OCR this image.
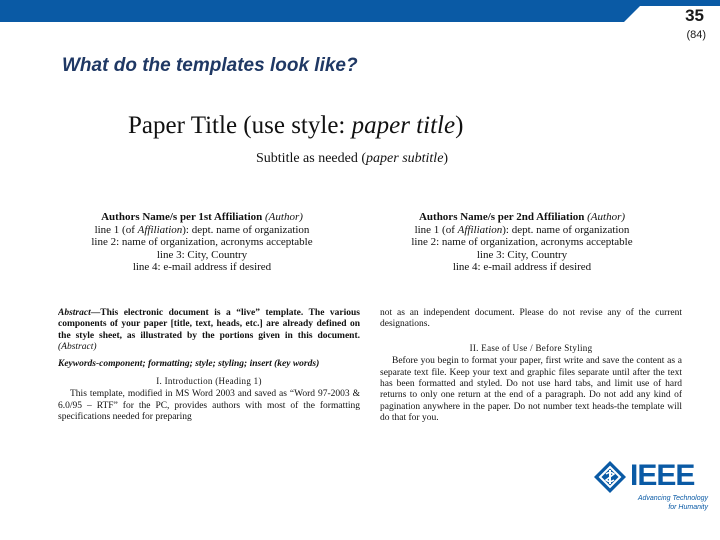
35
(84)
What do the templates look like?
Paper Title (use style: paper title)
Subtitle as needed (paper subtitle)
Authors Name/s per 1st Affiliation (Author)
line 1 (of Affiliation): dept. name of organization
line 2: name of organization, acronyms acceptable
line 3: City, Country
line 4: e-mail address if desired
Authors Name/s per 2nd Affiliation (Author)
line 1 (of Affiliation): dept. name of organization
line 2: name of organization, acronyms acceptable
line 3: City, Country
line 4: e-mail address if desired
Abstract—This electronic document is a “live” template. The various components of your paper [title, text, heads, etc.] are already defined on the style sheet, as illustrated by the portions given in this document. (Abstract)
Keywords-component; formatting; style; styling; insert (key words)
I. Introduction (Heading 1)
This template, modified in MS Word 2003 and saved as “Word 97-2003 & 6.0/95 – RTF” for the PC, provides authors with most of the formatting specifications needed for preparing
not as an independent document. Please do not revise any of the current designations.
II. Ease of Use / Before Styling
Before you begin to format your paper, first write and save the content as a separate text file. Keep your text and graphic files separate until after the text has been formatted and styled. Do not use hard tabs, and limit use of hard returns to only one return at the end of a paragraph. Do not add any kind of pagination anywhere in the paper. Do not number text heads-the template will do that for you.
IEEE
Advancing Technology
for Humanity
